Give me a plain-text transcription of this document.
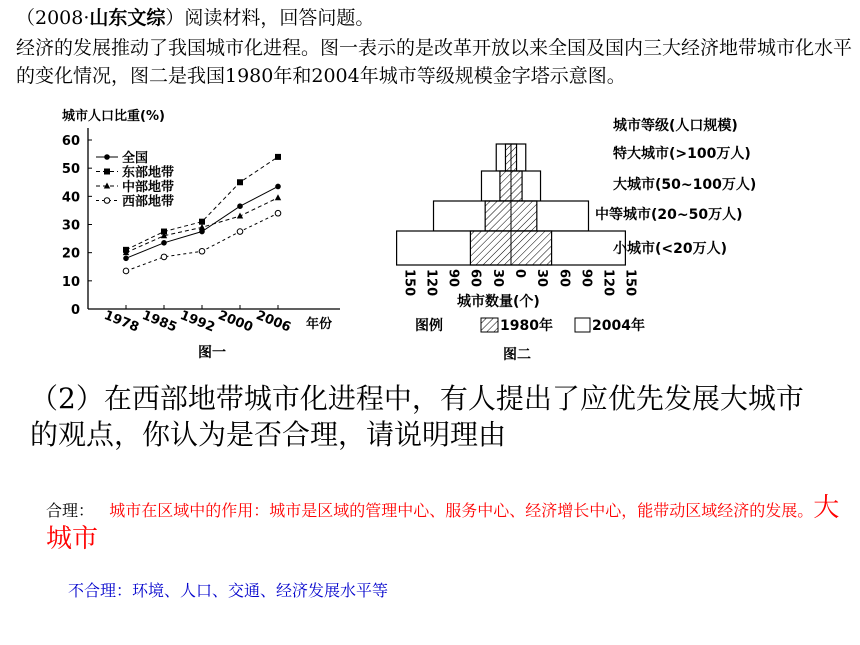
（2008·山东文综）阅读材料，回答问题。
经济的发展推动了我国城市化进程。图一表示的是改革开放以来全国及国内三大经济地带城市化水平的变化情况，图二是我国1980年和2004年城市等级规模金字塔示意图。
城市人口比重(%)
0
10
20
30
40
50
60
1978
1985
1992
2000
2006 年份
图一
全国
东部地带
中部地带
西部地带
城市等级(人口规模)
特大城市(>100万人)
大城市(50~100万人)
中等城市(20~50万人)
小城市(<20万人)
150 120 90 60 30 0 30 60 90 120 150
城市数量(个)
图例	1980年	2004年
图二
（2）在西部地带城市化进程中，有人提出了应优先发展大城市的观点，你认为是否合理，请说明理由
合理： 城市在区域中的作用：城市是区域的管理中心、服务中心、经济增长中心，能带动区域经济的发展。大城市
不合理：环境、人口、交通、经济发展水平等
